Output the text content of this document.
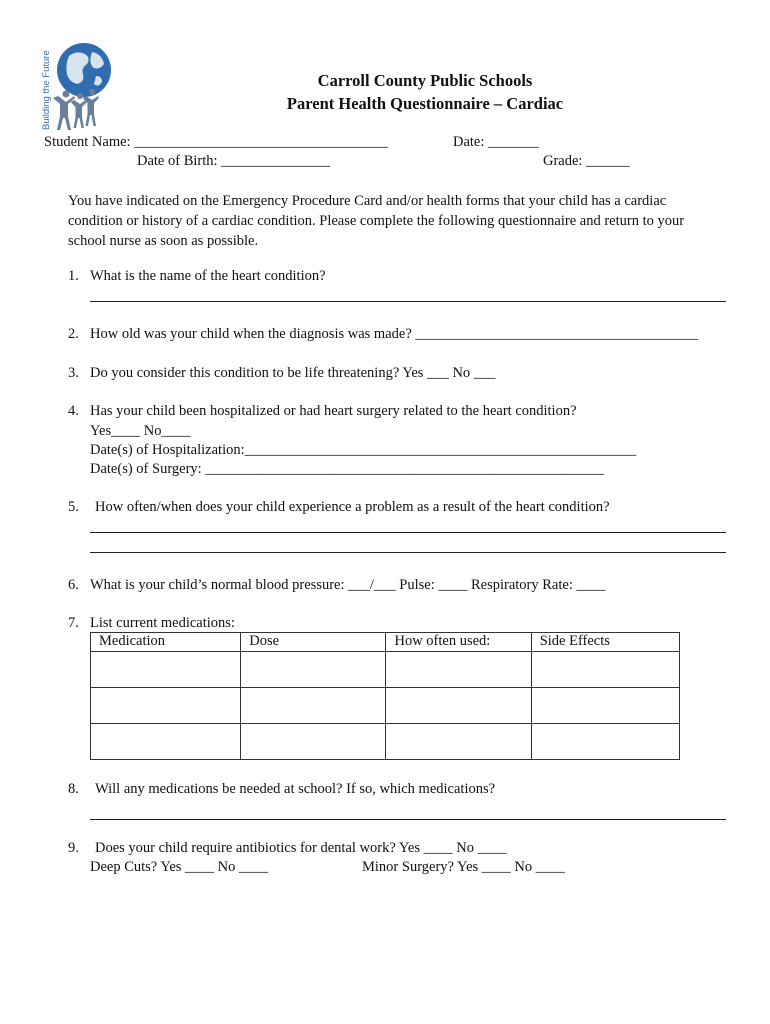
Building the Future	Carroll County Public Schools
Parent Health Questionnaire – Cardiac
Student Name: ___________________________________	Date: _______
Date of Birth: _______________	Grade: ______
You have indicated on the Emergency Procedure Card and/or health forms that your child has a cardiac
condition or history of a cardiac condition. Please complete the following questionnaire and return to your
school nurse as soon as possible.
1. What is the name of the heart condition?
2. How old was your child when the diagnosis was made? _______________________________________
3. Do you consider this condition to be life threatening? Yes ___ No ___
4. Has your child been hospitalized or had heart surgery related to the heart condition?
Yes____ No____
Date(s) of Hospitalization:______________________________________________________
Date(s) of Surgery: _______________________________________________________
5. How often/when does your child experience a problem as a result of the heart condition?
6. What is your child’s normal blood pressure: ___/___ Pulse: ____ Respiratory Rate: ____
7. List current medications:
Medication	Dose	How often used:	Side Effects

8. Will any medications be needed at school? If so, which medications?
9. Does your child require antibiotics for dental work? Yes ____ No ____
Deep Cuts? Yes ____ No ____	Minor Surgery? Yes ____ No ____
